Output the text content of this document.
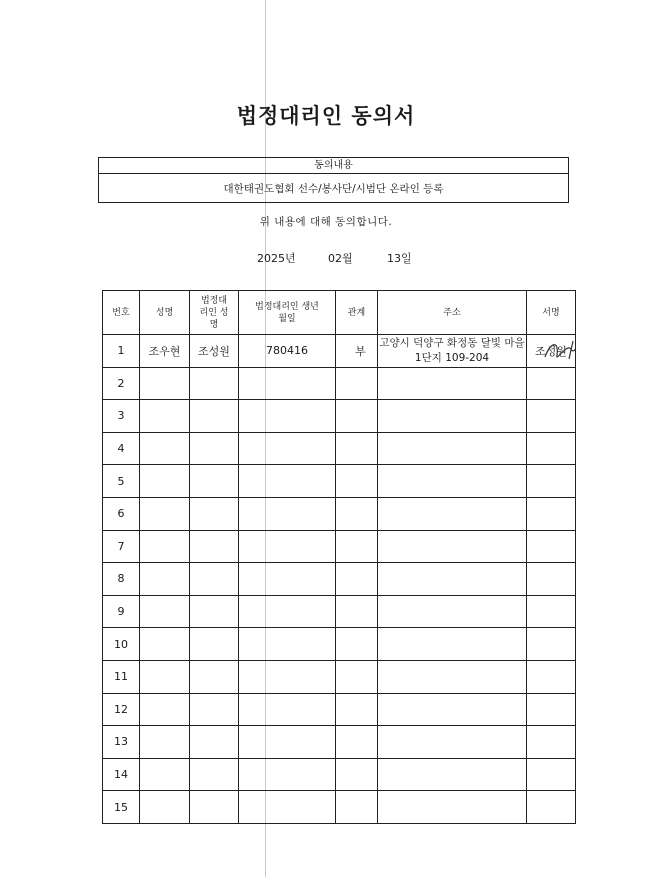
법정대리인 동의서
동의내용
대한태권도협회 선수/봉사단/시범단 온라인 등록
위 내용에 대해 동의합니다.
2025년	02월	13일
번호	성명	법정대리인 성명	법정대리인 생년월일	관계	주소	서명
1	조우현	조성원	780416	부	고양시 덕양구 화정동 달빛 마을 1단지 109-204	조성원

2						
3						
4						
5						
6						
7						
8						
9						
10						
11						
12						
13						
14						
15						
